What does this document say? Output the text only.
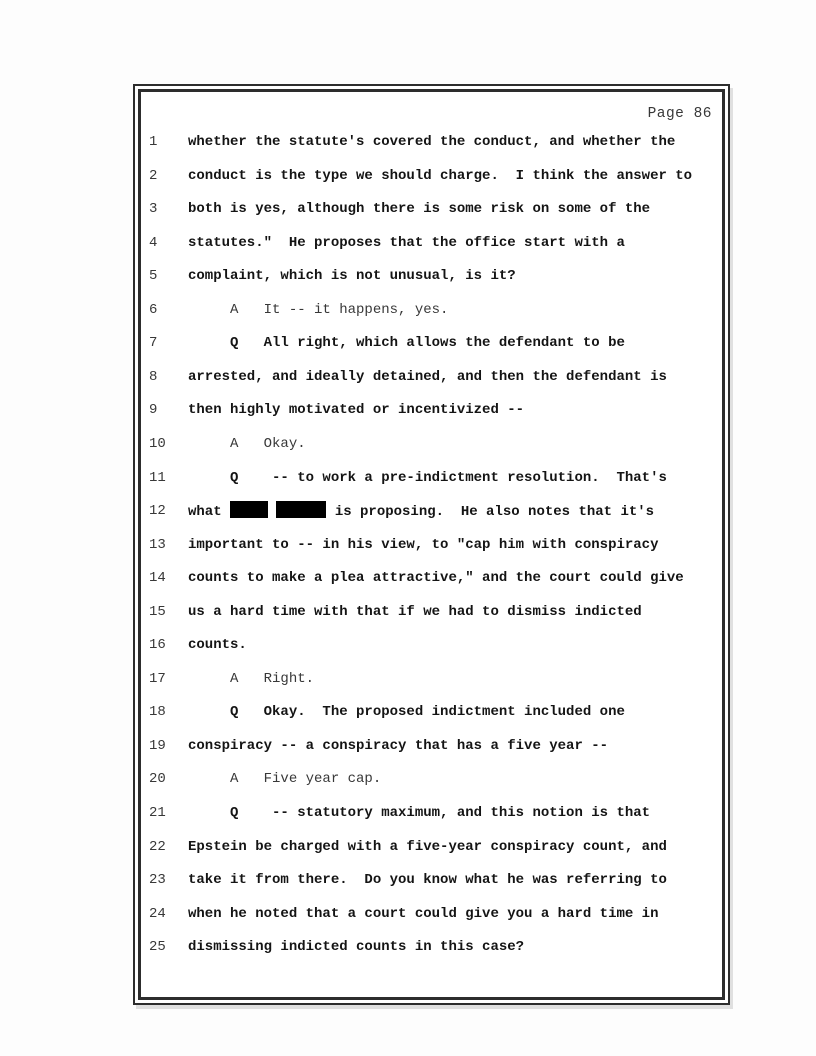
Page 86
1 whether the statute's covered the conduct, and whether the
2 conduct is the type we should charge.  I think the answer to
3 both is yes, although there is some risk on some of the
4 statutes."  He proposes that the office start with a
5 complaint, which is not unusual, is it?
6 A   It -- it happens, yes.
7 Q   All right, which allows the defendant to be
8 arrested, and ideally detained, and then the defendant is
9 then highly motivated or incentivized --
10 A   Okay.
11 Q    -- to work a pre-indictment resolution.  That's
12 what	is proposing.  He also notes that it's
13 important to -- in his view, to "cap him with conspiracy
14 counts to make a plea attractive," and the court could give
15 us a hard time with that if we had to dismiss indicted
16 counts.
17 A   Right.
18 Q   Okay.  The proposed indictment included one
19 conspiracy -- a conspiracy that has a five year --
20 A   Five year cap.
21 Q    -- statutory maximum, and this notion is that
22 Epstein be charged with a five-year conspiracy count, and
23 take it from there.  Do you know what he was referring to
24 when he noted that a court could give you a hard time in
25 dismissing indicted counts in this case?
